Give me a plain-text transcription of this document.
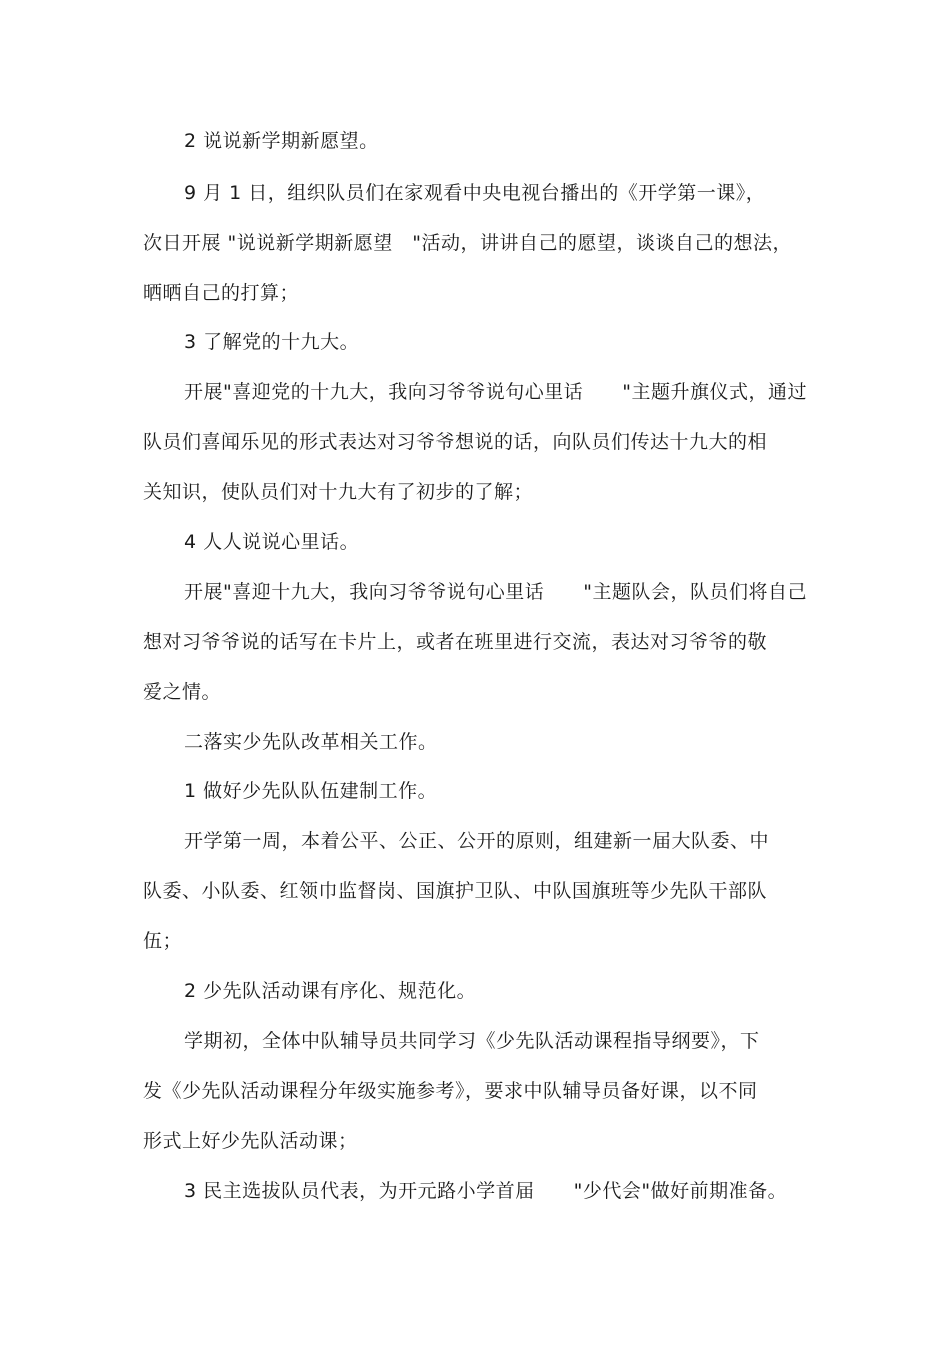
2 说说新学期新愿望。
9 月 1 日，组织队员们在家观看中央电视台播出的《开学第一课》，
次日开展 "说说新学期新愿望　"活动，讲讲自己的愿望，谈谈自己的想法，
晒晒自己的打算；
3 了解党的十九大。
开展"喜迎党的十九大，我向习爷爷说句心里话　　"主题升旗仪式，通过
队员们喜闻乐见的形式表达对习爷爷想说的话，向队员们传达十九大的相
关知识，使队员们对十九大有了初步的了解；
4 人人说说心里话。
开展"喜迎十九大，我向习爷爷说句心里话　　"主题队会，队员们将自己
想对习爷爷说的话写在卡片上，或者在班里进行交流，表达对习爷爷的敬
爱之情。
二落实少先队改革相关工作。
1 做好少先队队伍建制工作。
开学第一周，本着公平、公正、公开的原则，组建新一届大队委、中
队委、小队委、红领巾监督岗、国旗护卫队、中队国旗班等少先队干部队
伍；
2 少先队活动课有序化、规范化。
学期初，全体中队辅导员共同学习《少先队活动课程指导纲要》，下
发《少先队活动课程分年级实施参考》，要求中队辅导员备好课，以不同
形式上好少先队活动课；
3 民主选拔队员代表，为开元路小学首届　　"少代会"做好前期准备。
